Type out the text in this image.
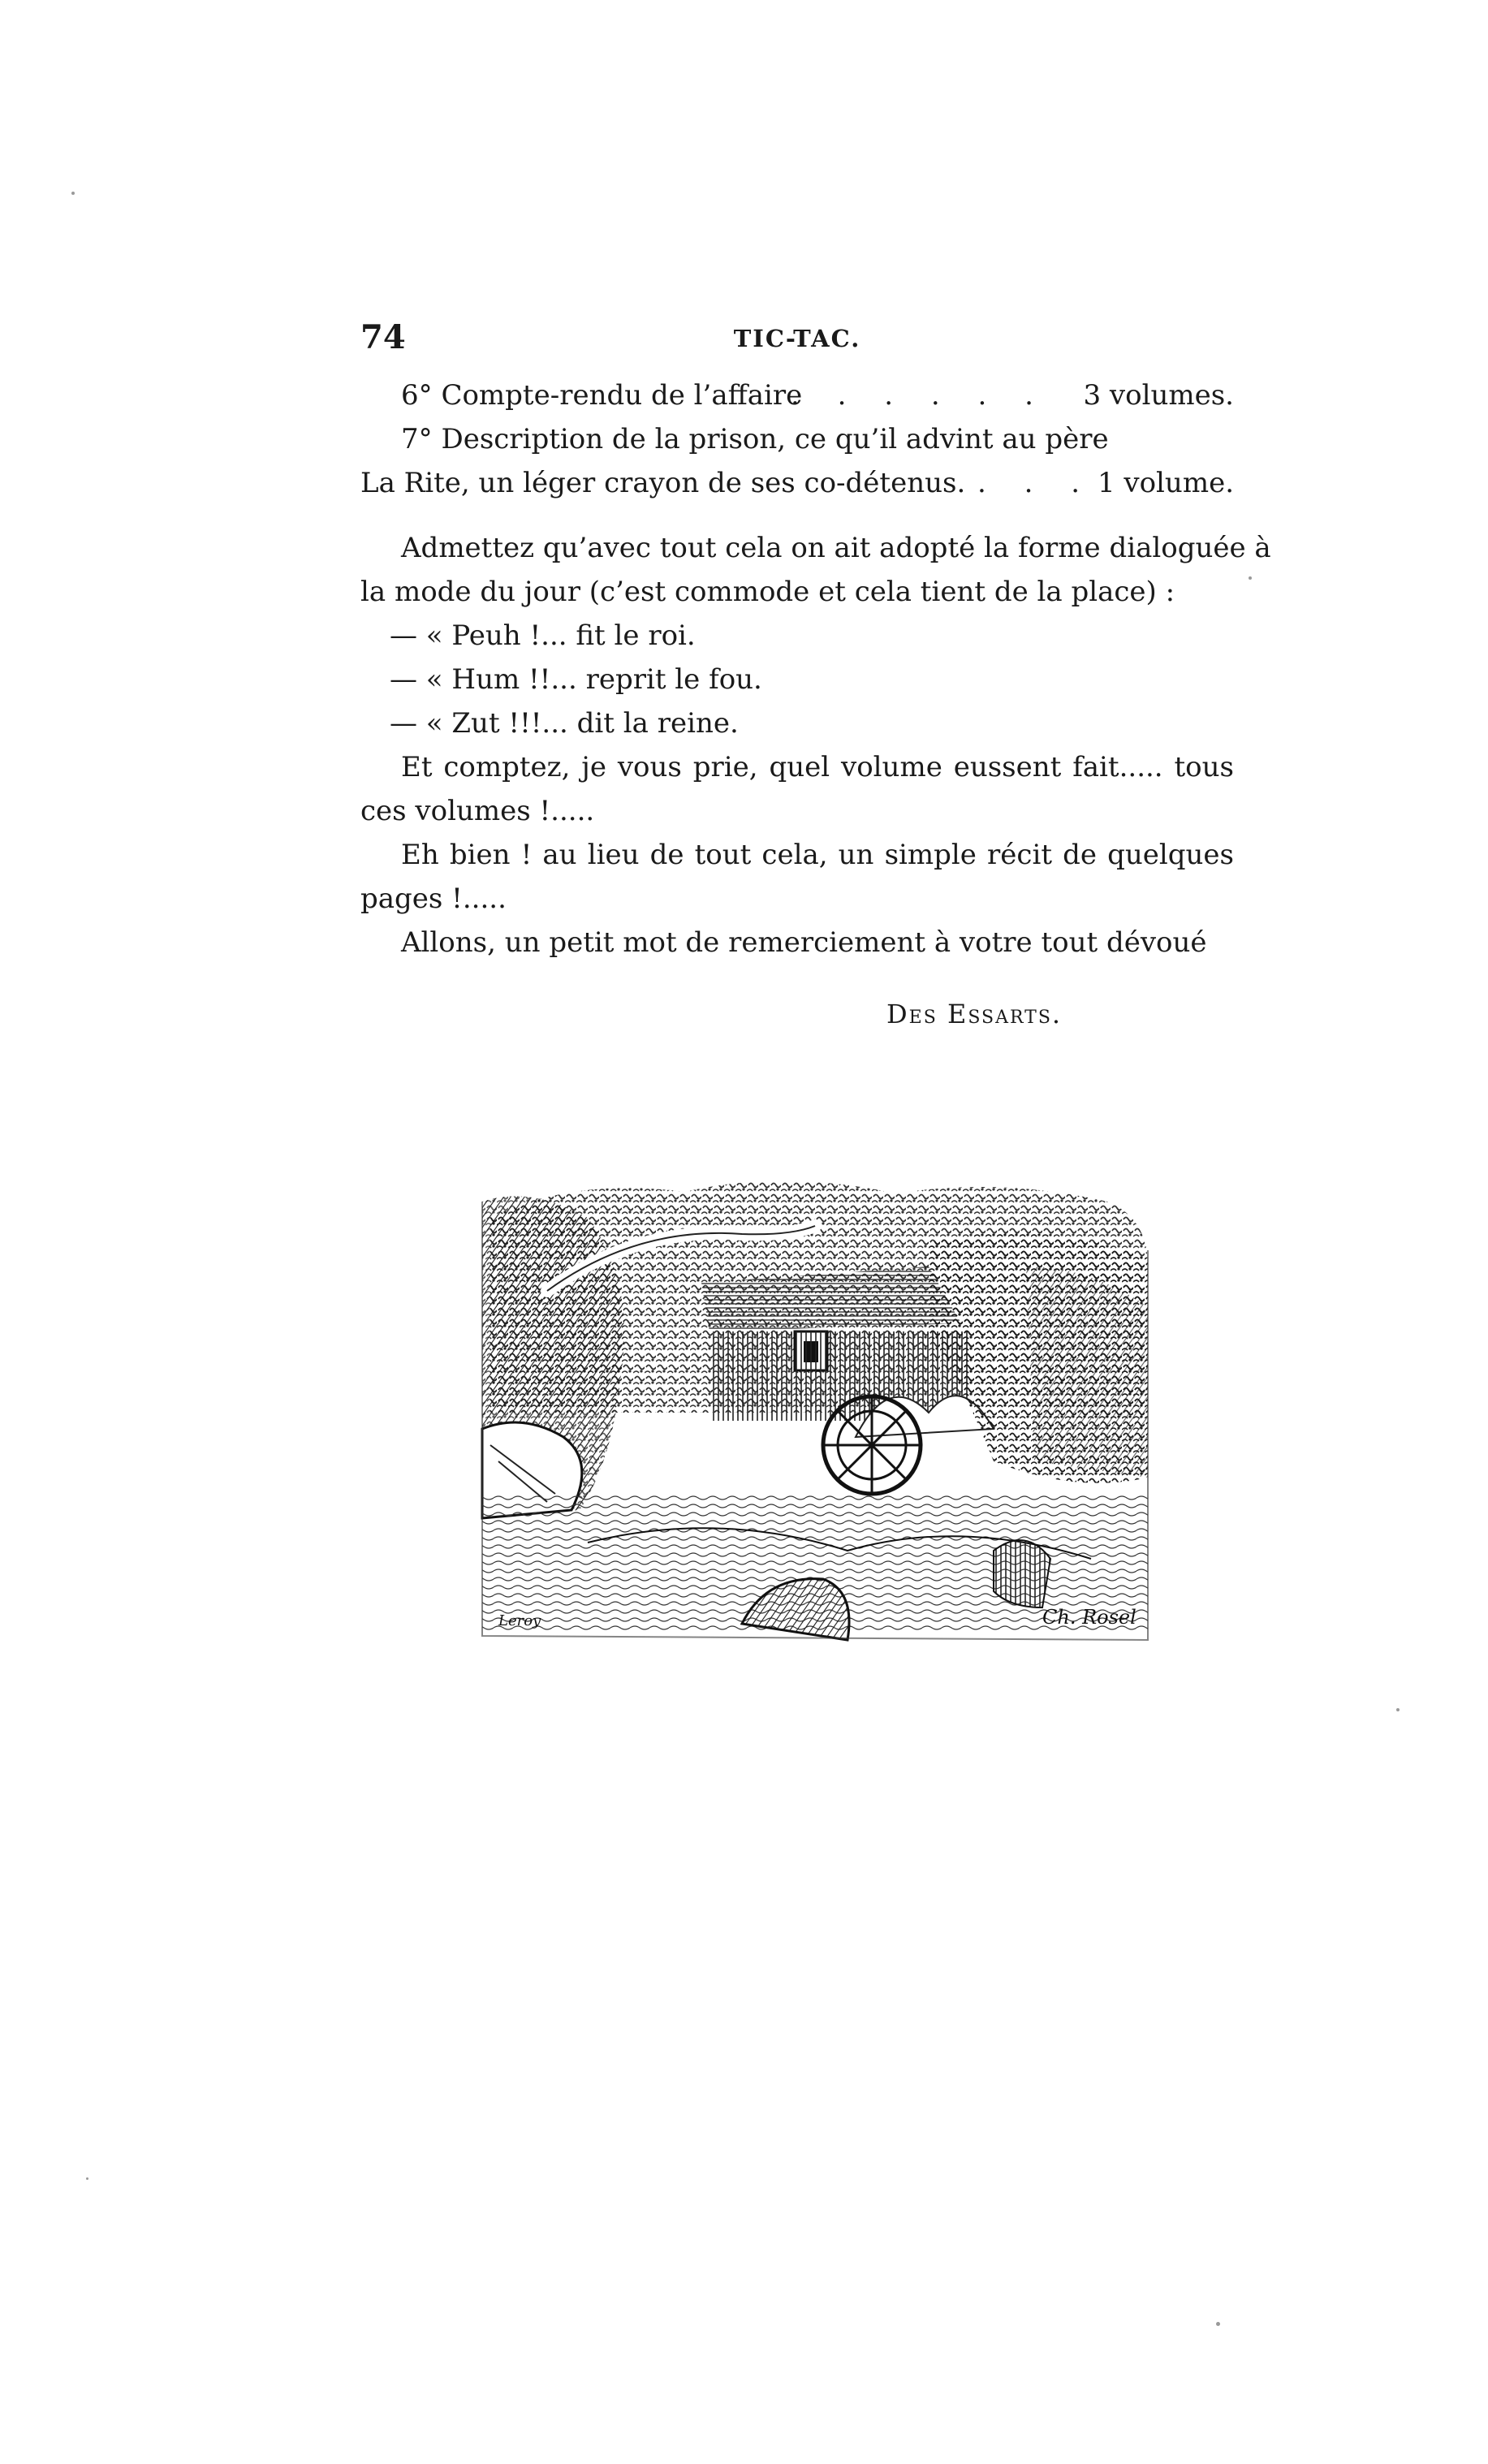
74	TIC-TAC.
6° Compte-rendu de l’affaire
. . . . . . 3 volumes.
7° Description de la prison, ce qu’il advint au père
La Rite, un léger crayon de ses co-détenus. . . . 1 volume.
Admettez qu’avec tout cela on ait adopté la forme dialoguée à
la mode du jour (c’est commode et cela tient de la place) :
— « Peuh !... fit le roi.
— « Hum !!... reprit le fou.
— « Zut !!!... dit la reine.
Et comptez, je vous prie, quel volume eussent fait..... tous
ces volumes !.....
Eh bien ! au lieu de tout cela, un simple récit de quelques
pages !.....
Allons, un petit mot de remerciement à votre tout dévoué
Des Essarts.
Leroy	Ch. Rosel
